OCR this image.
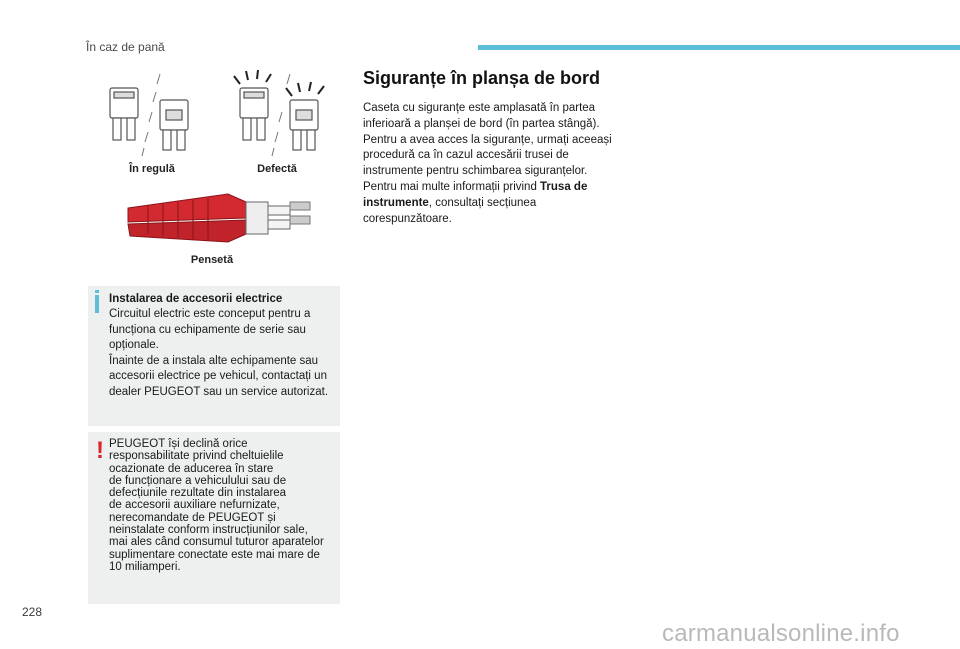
În caz de pană
În regulă	Defectă
Pensetă
Instalarea de accesorii electrice
Circuitul electric este conceput pentru a funcționa cu echipamente de serie sau opționale.
Înainte de a instala alte echipamente sau accesorii electrice pe vehicul, contactați un dealer PEUGEOT sau un service autorizat.
! PEUGEOT își declină orice
responsabilitate privind cheltuielile
ocazionate de aducerea în stare
de funcționare a vehiculului sau de
defecțiunile rezultate din instalarea
de accesorii auxiliare nefurnizate,
nerecomandate de PEUGEOT și
neinstalate conform instrucțiunilor sale,
mai ales când consumul tuturor aparatelor
suplimentare conectate este mai mare de
10 miliamperi.
Siguranțe în planșa de bord
Caseta cu siguranțe este amplasată în partea inferioară a planșei de bord (în partea stângă). Pentru a avea acces la siguranțe, urmați aceeași procedură ca în cazul accesării trusei de instrumente pentru schimbarea siguranțelor. Pentru mai multe informații privind Trusa de instrumente, consultați secțiunea corespunzătoare.
228
carmanualsonline.info
